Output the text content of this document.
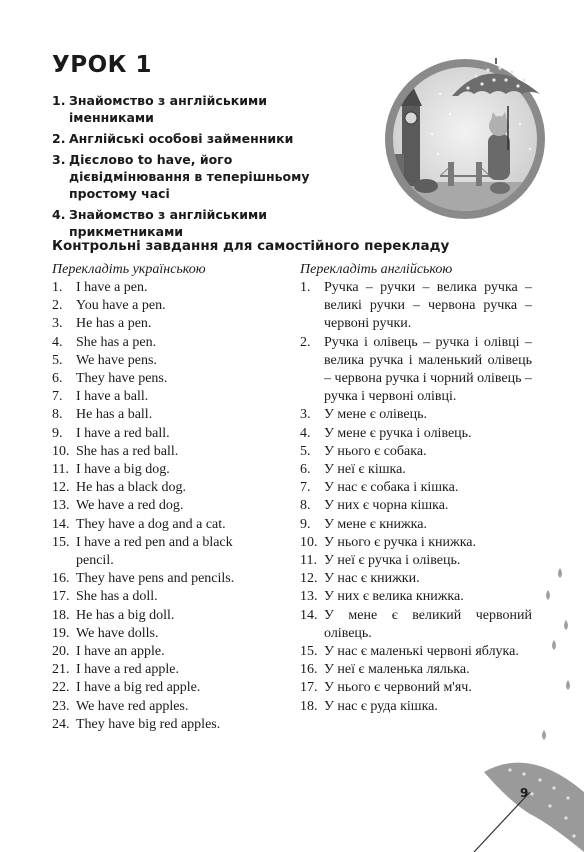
УРОК 1
1. Знайомство з англійськими іменниками
2. Англійські особові займенники
3. Дієслово to have, його дієвідмінювання в теперішньому простому часі
4. Знайомство з англійськими прикметниками
Контрольні завдання для самостійного перекладу
Перекладіть українською	Перекладіть англійською
1. I have a pen.
2. You have a pen.
3. He has a pen.
4. She has a pen.
5. We have pens.
6. They have pens.
7. I have a ball.
8. He has a ball.
9. I have a red ball.
10. She has a red ball.
11. I have a big dog.
12. He has a black dog.
13. We have a red dog.
14. They have a dog and a cat.
15. I have a red pen and a black pencil.
16. They have pens and pencils.
17. She has a doll.
18. He has a big doll.
19. We have dolls.
20. I have an apple.
21. I have a red apple.
22. I have a big red apple.
23. We have red apples.
24. They have big red apples.
1. Ручка – ручки – велика ручка – великі ручки – червона ручка – червоні ручки.
2. Ручка і олівець – ручка і олівці – велика ручка і маленький олівець – червона ручка і чорний олівець – ручка і червоні олівці.
3. У мене є олівець.
4. У мене є ручка і олівець.
5. У нього є собака.
6. У неї є кішка.
7. У нас є собака і кішка.
8. У них є чорна кішка.
9. У мене є книжка.
10. У нього є ручка і книжка.
11. У неї є ручка і олівець.
12. У нас є книжки.
13. У них є велика книжка.
14. У мене є великий червоний олівець.
15. У нас є маленькі червоні яблука.
16. У неї є маленька лялька.
17. У нього є червоний м'яч.
18. У нас є руда кішка.
9
